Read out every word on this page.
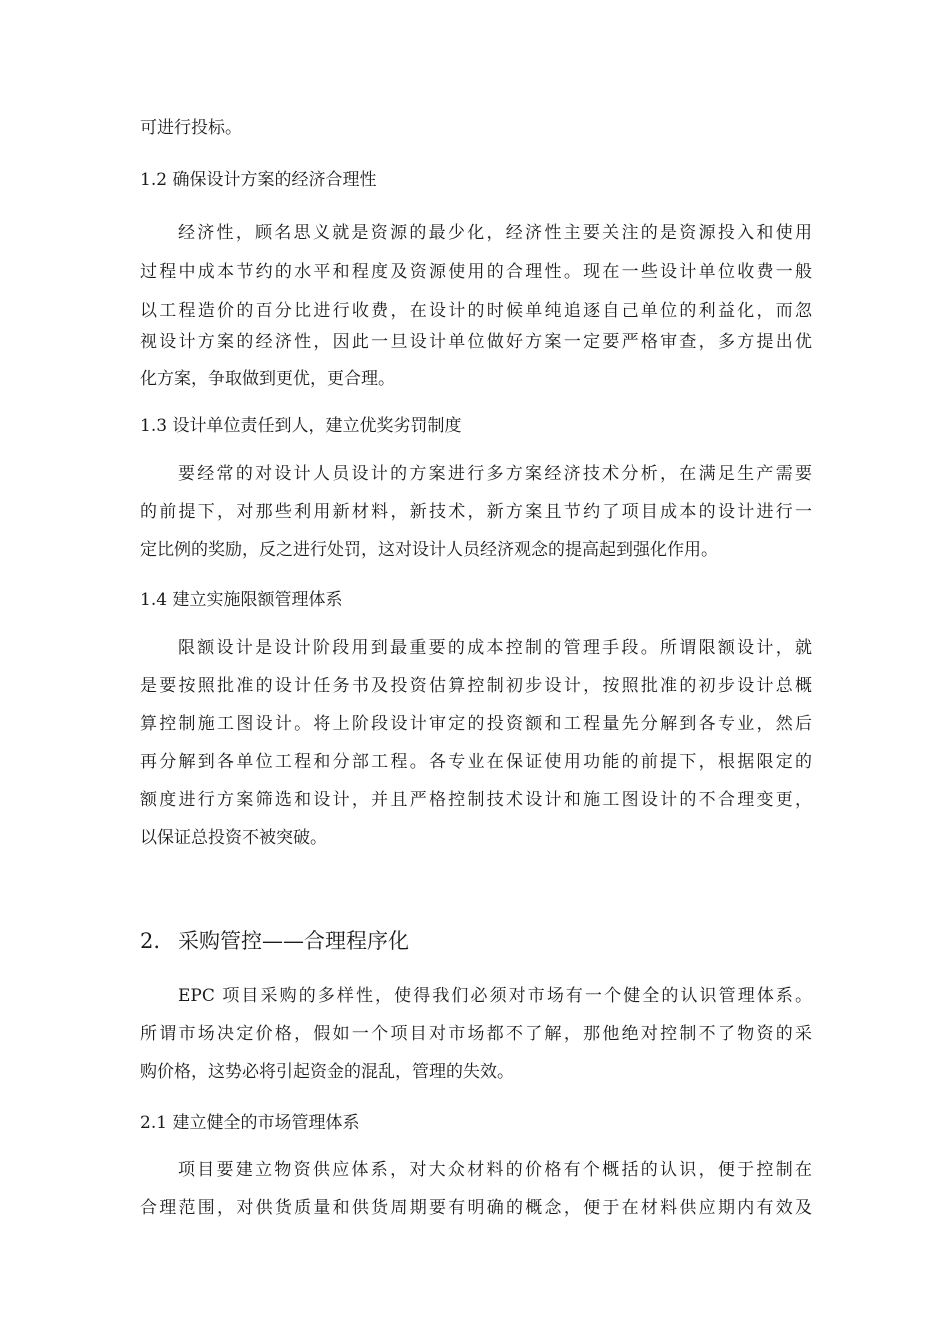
可进行投标。
1.2 确保设计方案的经济合理性
经济性，顾名思义就是资源的最少化，经济性主要关注的是资源投入和使用
过程中成本节约的水平和程度及资源使用的合理性。现在一些设计单位收费一般
以工程造价的百分比进行收费，在设计的时候单纯追逐自己单位的利益化，而忽
视设计方案的经济性，因此一旦设计单位做好方案一定要严格审查，多方提出优
化方案，争取做到更优，更合理。
1.3 设计单位责任到人，建立优奖劣罚制度
要经常的对设计人员设计的方案进行多方案经济技术分析，在满足生产需要
的前提下，对那些利用新材料，新技术，新方案且节约了项目成本的设计进行一
定比例的奖励，反之进行处罚，这对设计人员经济观念的提高起到强化作用。
1.4 建立实施限额管理体系
限额设计是设计阶段用到最重要的成本控制的管理手段。所谓限额设计，就
是要按照批准的设计任务书及投资估算控制初步设计，按照批准的初步设计总概
算控制施工图设计。将上阶段设计审定的投资额和工程量先分解到各专业，然后
再分解到各单位工程和分部工程。各专业在保证使用功能的前提下，根据限定的
额度进行方案筛选和设计，并且严格控制技术设计和施工图设计的不合理变更，
以保证总投资不被突破。
2. 采购管控——合理程序化
EPC 项目采购的多样性，使得我们必须对市场有一个健全的认识管理体系。
所谓市场决定价格，假如一个项目对市场都不了解，那他绝对控制不了物资的采
购价格，这势必将引起资金的混乱，管理的失效。
2.1 建立健全的市场管理体系
项目要建立物资供应体系，对大众材料的价格有个概括的认识，便于控制在
合理范围，对供货质量和供货周期要有明确的概念，便于在材料供应期内有效及
